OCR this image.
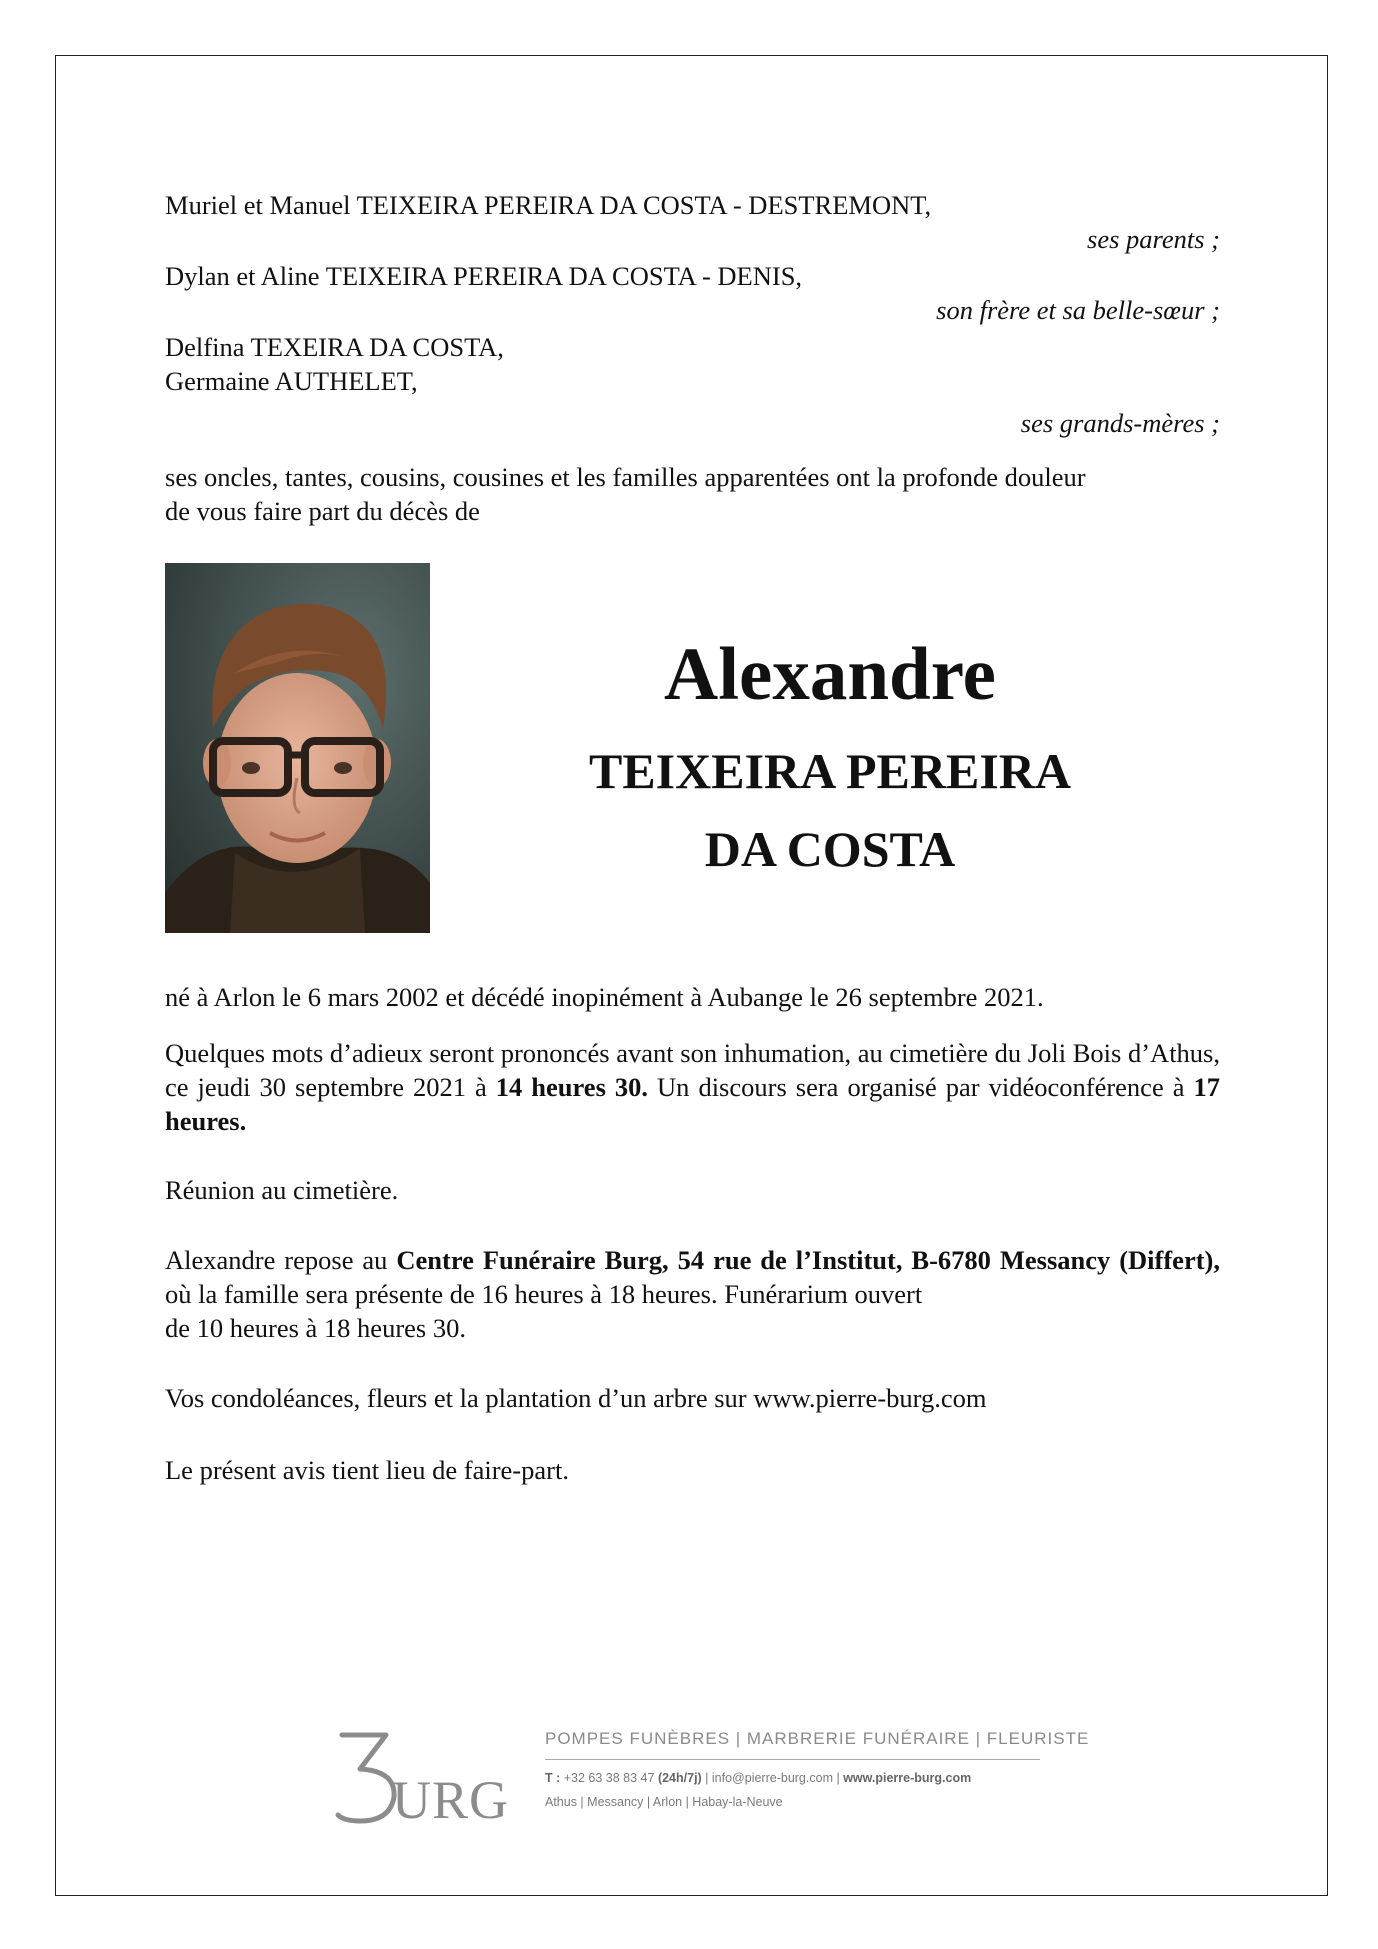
Muriel et Manuel TEIXEIRA PEREIRA DA COSTA - DESTREMONT,
ses parents ;
Dylan et Aline TEIXEIRA PEREIRA DA COSTA - DENIS,
son frère et sa belle-sœur ;
Delfina TEXEIRA DA COSTA,
Germaine AUTHELET,
ses grands-mères ;
ses oncles, tantes, cousins, cousines et les familles apparentées ont la profonde douleur
de vous faire part du décès de
Alexandre
TEIXEIRA PEREIRA
DA COSTA
né à Arlon le 6 mars 2002 et décédé inopinément à Aubange le 26 septembre 2021.
Quelques mots d’adieux seront prononcés avant son inhumation, au cimetière du Joli Bois d’Athus, ce jeudi 30 septembre 2021 à 14 heures 30. Un discours sera organisé par vidéoconférence à 17 heures.
Réunion au cimetière.
Alexandre repose au Centre Funéraire Burg, 54 rue de l’Institut, B-6780 Messancy (Differt), où la famille sera présente de 16 heures à 18 heures. Funérarium ouvert
de 10 heures à 18 heures 30.
Vos condoléances, fleurs et la plantation d’un arbre sur www.pierre-burg.com
Le présent avis tient lieu de faire-part.
URG
POMPES FUNÈBRES | MARBRERIE FUNÉRAIRE | FLEURISTE
T : +32 63 38 83 47 (24h/7j) | info@pierre-burg.com | www.pierre-burg.com
Athus | Messancy | Arlon | Habay-la-Neuve
